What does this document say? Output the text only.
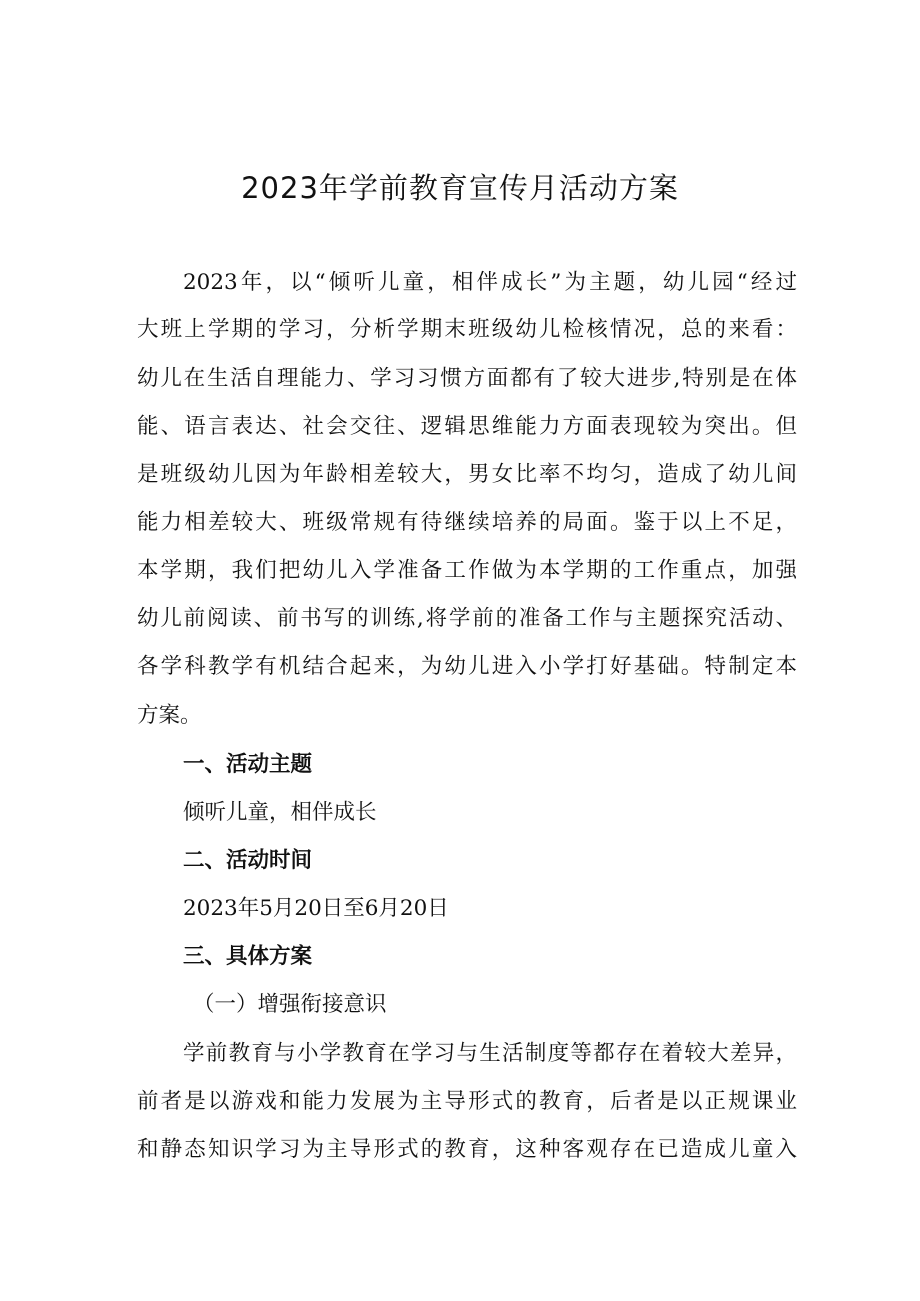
2023年学前教育宣传月活动方案

2023年，以“倾听儿童，相伴成长”为主题，幼儿园“经过

大班上学期的学习，分析学期末班级幼儿检核情况，总的来看：

幼儿在生活自理能力、学习习惯方面都有了较大进步,特别是在体

能、语言表达、社会交往、逻辑思维能力方面表现较为突出。但

是班级幼儿因为年龄相差较大，男女比率不均匀，造成了幼儿间

能力相差较大、班级常规有待继续培养的局面。鉴于以上不足，

本学期，我们把幼儿入学准备工作做为本学期的工作重点，加强

幼儿前阅读、前书写的训练,将学前的准备工作与主题探究活动、

各学科教学有机结合起来，为幼儿进入小学打好基础。特制定本

方案。

一、活动主题

倾听儿童，相伴成长

二、活动时间

2023年5月20日至6月20日

三、具体方案

（一）增强衔接意识

学前教育与小学教育在学习与生活制度等都存在着较大差异，

前者是以游戏和能力发展为主导形式的教育，后者是以正规课业

和静态知识学习为主导形式的教育，这种客观存在已造成儿童入
